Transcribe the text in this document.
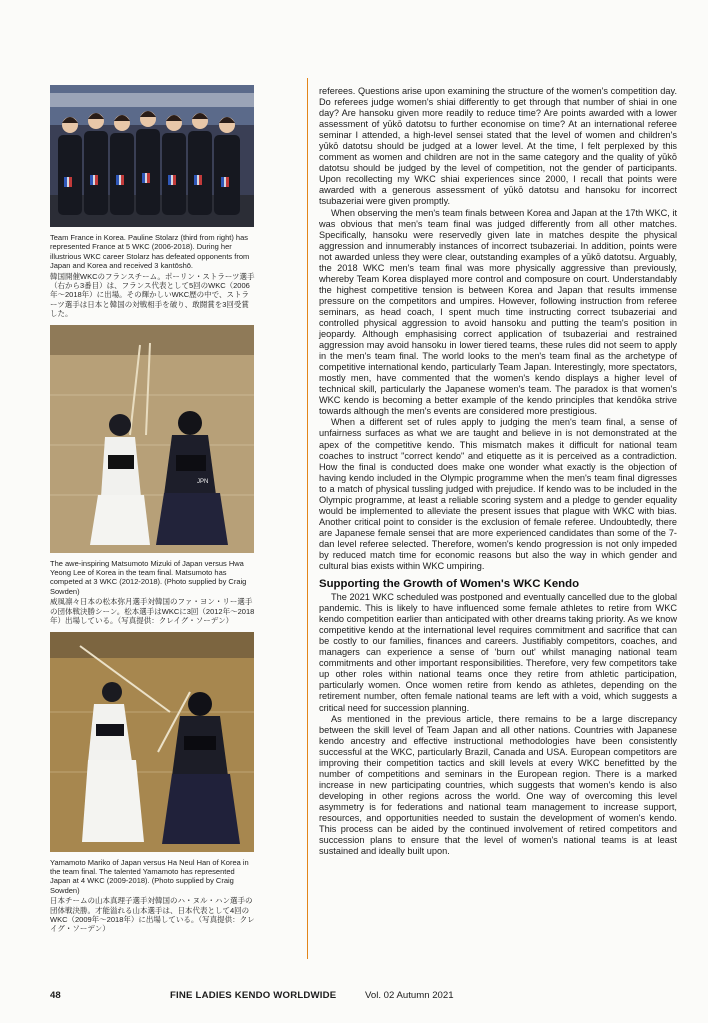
Team France in Korea. Pauline Stolarz (third from right) has represented France at 5 WKC (2006-2018). During her illustrious WKC career Stolarz has defeated opponents from Japan and Korea and received 3 kantōshō.
韓国開催WKCのフランスチーム。ポーリン・ストラーツ選手（右から3番目）は、フランス代表として5回のWKC（2006年〜2018年）に出場。その輝かしいWKC歴の中で、ストラーツ選手は日本と韓国の対戦相手を破り、敢闘賞を3回受賞した。
JPN
The awe-inspiring Matsumoto Mizuki of Japan versus Hwa Yeong Lee of Korea in the team final. Matsumoto has competed at 3 WKC (2012-2018). (Photo supplied by Craig Sowden)
威風凛々日本の松本弥月選手対韓国のファ・ヨン・リー選手の団体戦決勝シーン。松本選手はWKCに3回（2012年〜2018年）出場している。（写真提供：クレイグ・ソーデン）
Yamamoto Mariko of Japan versus Ha Neul Han of Korea in the team final. The talented Yamamoto has represented Japan at 4 WKC (2009-2018). (Photo supplied by Craig Sowden)
日本チームの山本真理子選手対韓国のハ・ヌル・ハン選手の団体戦決勝。才能溢れる山本選手は、日本代表として4回のWKC（2009年〜2018年）に出場している。（写真提供：クレイグ・ソーデン）

referees. Questions arise upon examining the structure of the women's competition day. Do referees judge women's shiai differently to get through that number of shiai in one day? Are hansoku given more readily to reduce time? Are points awarded with a lower assessment of yūkō datotsu to further economise on time? At an international referee seminar I attended, a high-level sensei stated that the level of women and children's yūkō datotsu should be judged at a lower level. At the time, I felt perplexed by this comment as women and children are not in the same category and the quality of yūkō datotsu should be judged by the level of competition, not the gender of participants. Upon recollecting my WKC shiai experiences since 2000, I recall that points were awarded with a generous assessment of yūkō datotsu and hansoku for incorrect tsubazeriai were given promptly.

When observing the men's team finals between Korea and Japan at the 17th WKC, it was obvious that men's team final was judged differently from all other matches. Specifically, hansoku were reservedly given late in matches despite the physical aggression and innumerably instances of incorrect tsubazeriai. In addition, points were not awarded unless they were clear, outstanding examples of a yūkō datotsu. Arguably, the 2018 WKC men's team final was more physically aggressive than previously, whereby Team Korea displayed more control and composure on court. Understandably the highest competitive tension is between Korea and Japan that results immense pressure on the competitors and umpires. However, following instruction from referee seminars, as head coach, I spent much time instructing correct tsubazeriai and controlled physical aggression to avoid hansoku and putting the team's position in jeopardy. Although emphasising correct application of tsubazeriai and restrained aggression may avoid hansoku in lower tiered teams, these rules did not seem to apply in the men's team final. The world looks to the men's team final as the archetype of competitive international kendo, particularly Team Japan. Interestingly, more spectators, mostly men, have commented that the women's kendo displays a higher level of technical skill, particularly the Japanese women's team. The paradox is that women's WKC kendo is becoming a better example of the kendo principles that kendōka strive towards although the men's events are considered more prestigious.

When a different set of rules apply to judging the men's team final, a sense of unfairness surfaces as what we are taught and believe in is not demonstrated at the apex of the competitive kendo. This mismatch makes it difficult for national team coaches to instruct "correct kendo" and etiquette as it is perceived as a contradiction. How the final is conducted does make one wonder what exactly is the objection of having kendo included in the Olympic programme when the men's team final digresses to a match of physical tussling judged with prejudice. If kendo was to be included in the Olympic programme, at least a reliable scoring system and a pledge to gender equality would be implemented to alleviate the present issues that plague with WKC with bias. Another critical point to consider is the exclusion of female referee. Undoubtedly, there are Japanese female sensei that are more experienced candidates than some of the 7-dan level referee selected. Therefore, women's kendo progression is not only impeded by reduced match time for economic reasons but also the way in which gender and cultural bias exists within WKC umpiring.

Supporting the Growth of Women's WKC Kendo

The 2021 WKC scheduled was postponed and eventually cancelled due to the global pandemic. This is likely to have influenced some female athletes to retire from WKC kendo competition earlier than anticipated with other dreams taking priority. As we know competitive kendo at the international level requires commitment and sacrifice that can be costly to our families, finances and careers. Justifiably competitors, coaches, and managers can experience a sense of 'burn out' whilst managing national team commitments and other important responsibilities. Therefore, very few competitors take up other roles within national teams once they retire from athletic participation, particularly women. Once women retire from kendo as athletes, depending on the retirement number, often female national teams are left with a void, which suggests a critical need for succession planning.

As mentioned in the previous article, there remains to be a large discrepancy between the skill level of Team Japan and all other nations. Countries with Japanese kendo ancestry and effective instructional methodologies have been consistently successful at the WKC, particularly Brazil, Canada and USA. European competitors are improving their competition tactics and skill levels at every WKC benefitted by the number of competitions and seminars in the European region. There is a marked increase in new participating countries, which suggests that women's kendo is also developing in other regions across the world. One way of overcoming this level asymmetry is for federations and national team management to increase support, resources, and opportunities needed to sustain the development of women's kendo. This process can be aided by the continued involvement of retired competitors and succession plans to ensure that the level of women's national teams is at least sustained and ideally built upon.

48	FINE LADIES KENDO WORLDWIDE	Vol. 02 Autumn 2021
